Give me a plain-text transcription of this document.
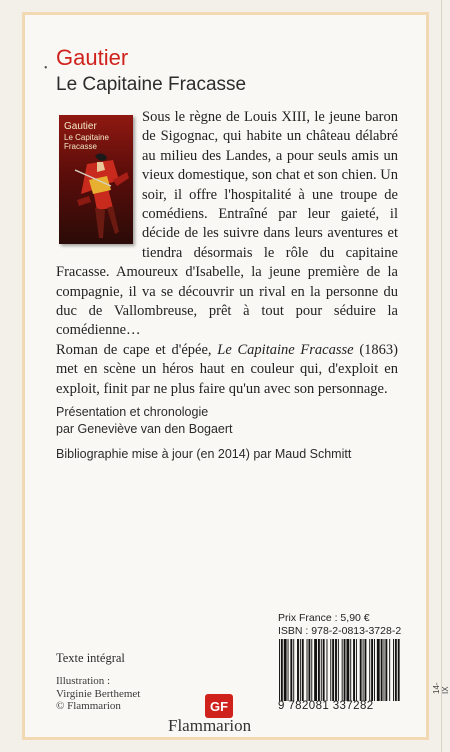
• Gautier
Le Capitaine Fracasse
Gautier
Le Capitaine
Fracasse

Sous le règne de Louis XIII, le jeune baron de Sigognac, qui habite un château délabré au milieu des Landes, a pour seuls amis un vieux domestique, son chat et son chien. Un soir, il offre l'hospitalité à une troupe de comédiens. Entraîné par leur gaieté, il décide de les suivre dans leurs aventures et tiendra désormais le rôle du capitaine Fracasse. Amoureux d'Isabelle, la jeune première de la compagnie, il va se découvrir un rival en la personne du duc de Vallombreuse, prêt à tout pour séduire la comédienne…

Roman de cape et d'épée, Le Capitaine Fracasse (1863) met en scène un héros haut en couleur qui, d'exploit en exploit, finit par ne plus faire qu'un avec son personnage.

Présentation et chronologie
par Geneviève van den Bogaert
Bibliographie mise à jour (en 2014) par Maud Schmitt
Prix France : 5,90 €
ISBN : 978-2-0813-3728-2
9 782081 337282
Texte intégral
Illustration :
Virginie Berthemet
© Flammarion	GF
Flammarion
14-IX
